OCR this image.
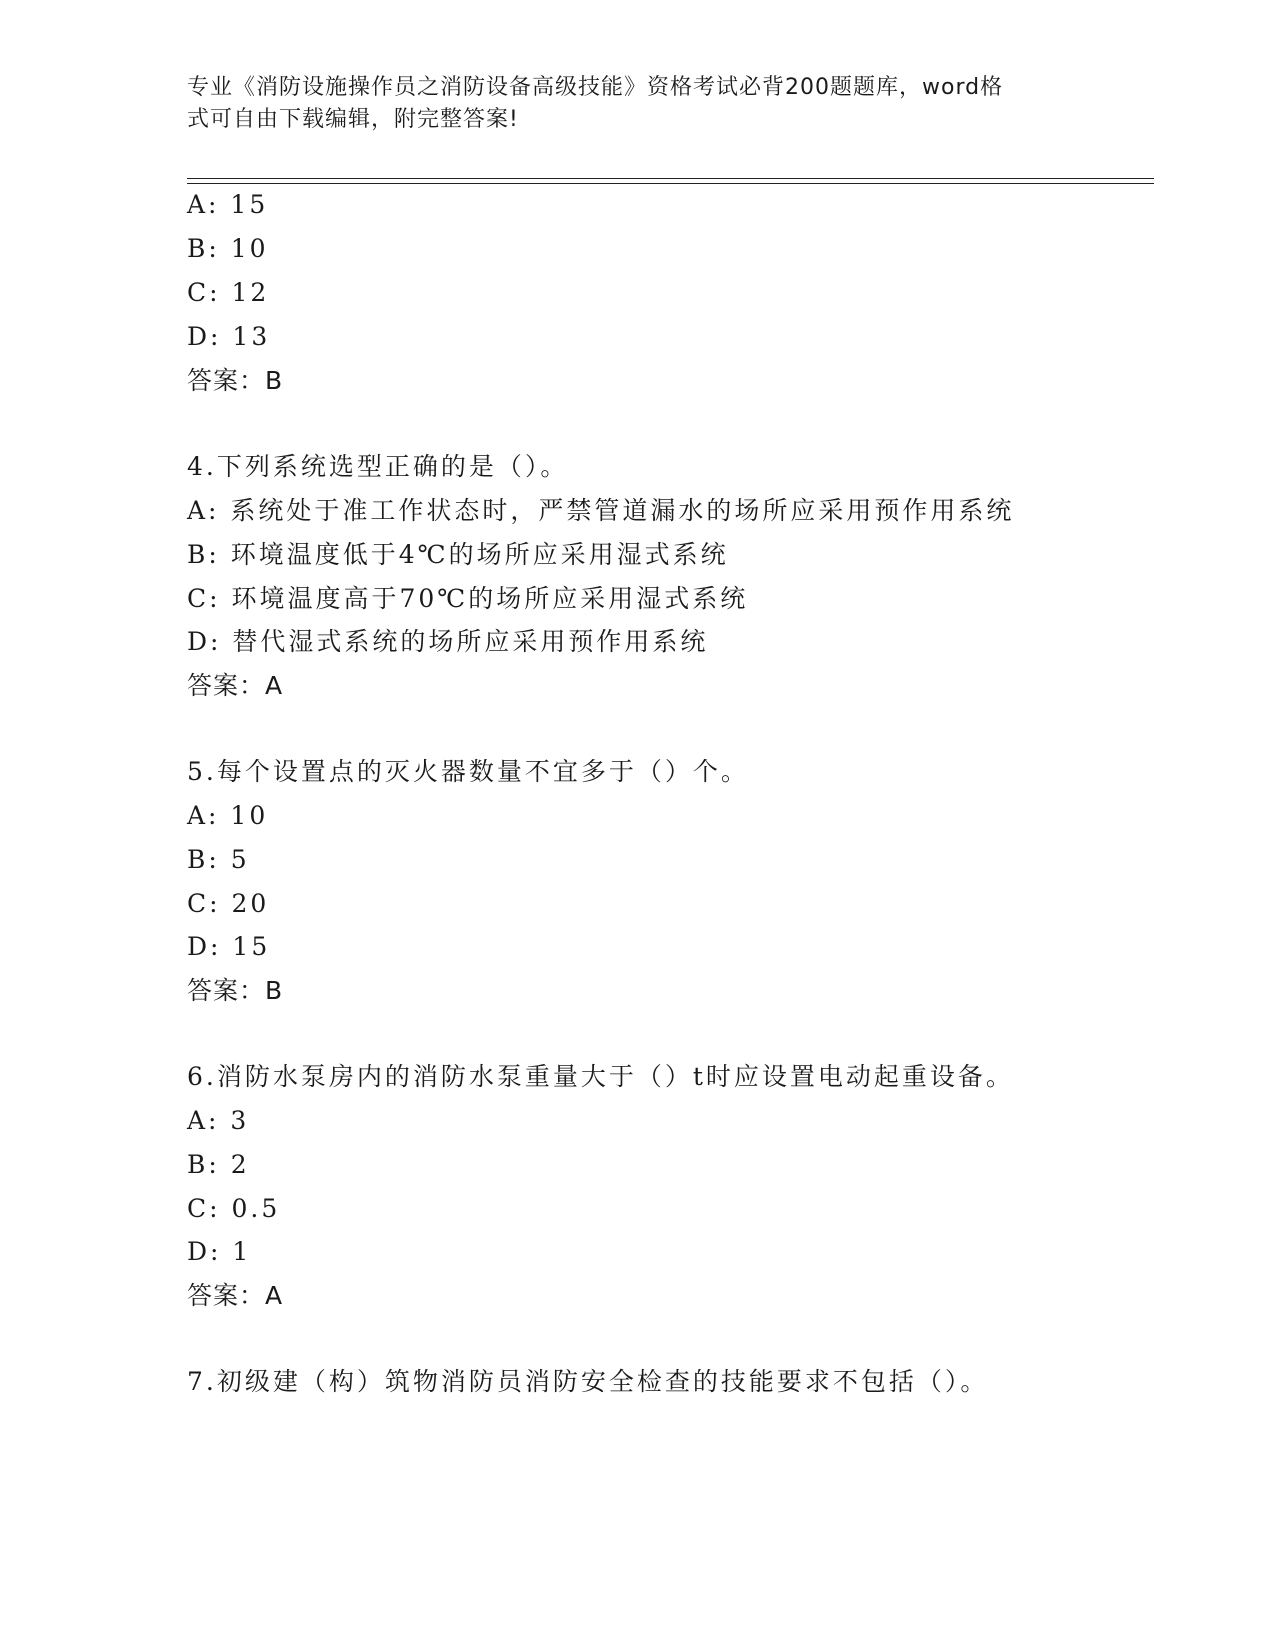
专业《消防设施操作员之消防设备高级技能》资格考试必背200题题库，word格
式可自由下载编辑，附完整答案!
A: 15
B: 10
C: 12
D: 13
答案：B
4.下列系统选型正确的是（）。
A: 系统处于准工作状态时，严禁管道漏水的场所应采用预作用系统
B: 环境温度低于4℃的场所应采用湿式系统
C: 环境温度高于70℃的场所应采用湿式系统
D: 替代湿式系统的场所应采用预作用系统
答案：A
5.每个设置点的灭火器数量不宜多于（）个。
A: 10
B: 5
C: 20
D: 15
答案：B
6.消防水泵房内的消防水泵重量大于（）t时应设置电动起重设备。
A: 3
B: 2
C: 0.5
D: 1
答案：A
7.初级建（构）筑物消防员消防安全检查的技能要求不包括（）。
